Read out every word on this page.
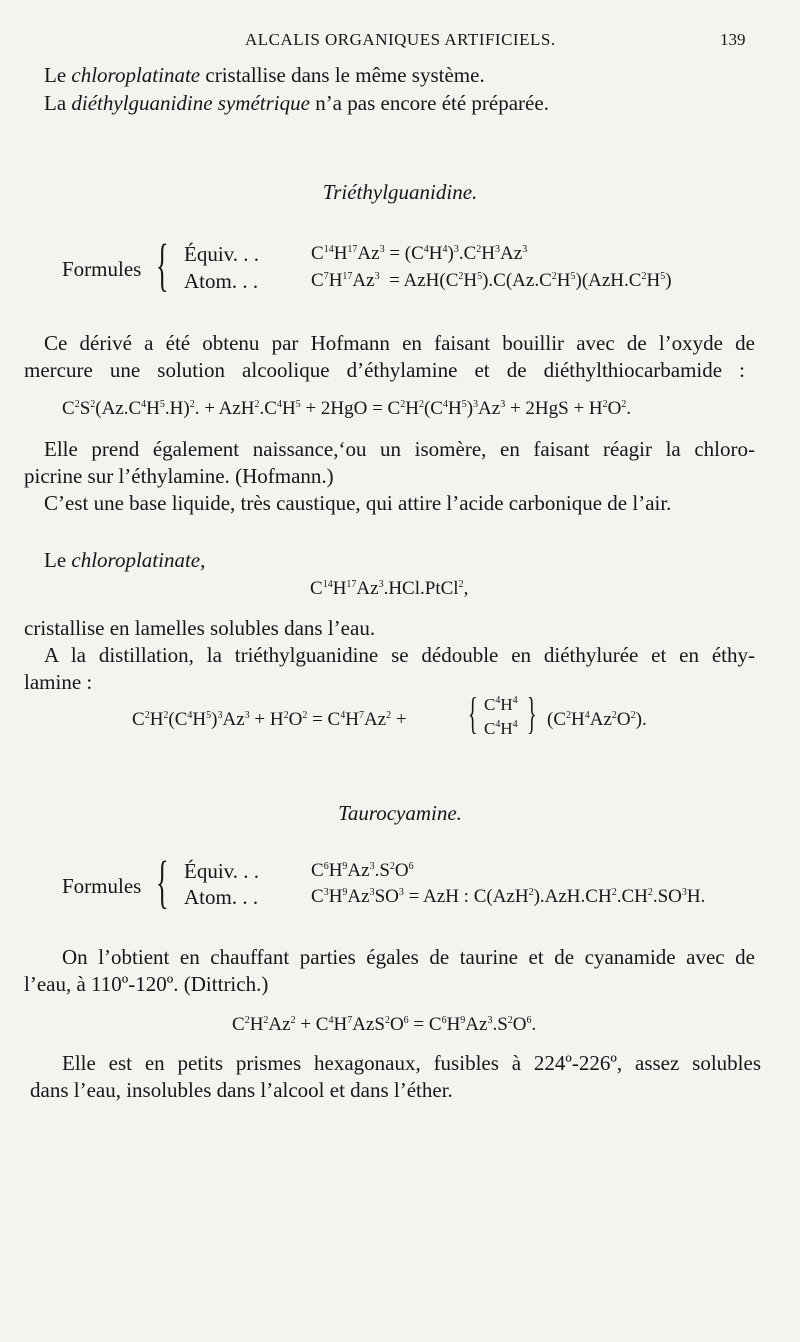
ALCALIS ORGANIQUES ARTIFICIELS.	139
Le chloroplatinate cristallise dans le même système.
La diéthylguanidine symétrique n’a pas encore été préparée.
Triéthylguanidine.
Formules { Équiv. . .
Atom. . .
$C^{14}H^{17}Az^3 = (C^4H^4)^3.C^2H^3Az^3$
$C^7H^{17}Az^3 = AzH(C^2H^5).C(Az.C^2H^5)(AzH.C^2H^5)$
Ce dérivé a été obtenu par Hofmann en faisant bouillir avec de l’oxyde de
mercure une solution alcoolique d’éthylamine et de diéthylthiocarbamide :
$C^2S^2(Az.C^4H^5.H)^2$. + $AzH^2.C^4H^5 + 2HgO = C^2H^2(C^4H^5)^3Az^3 + 2HgS + H^2O^2$.
Elle prend également naissance,ʻou un isomère, en faisant réagir la chloro-
picrine sur l’éthylamine. (Hofmann.)
C’est une base liquide, très caustique, qui attire l’acide carbonique de l’air.
Le chloroplatinate,
$C^{14}H^{17}Az^3.HCl.PtCl^2$,
cristallise en lamelles solubles dans l’eau.
A la distillation, la triéthylguanidine se dédouble en diéthylurée et en éthy-
lamine :
$C^2H^2(C^4H^5)^3Az^3 + H^2O^2 = C^4H^7Az^2$ + { $C^4H^4$
$C^4H^4$ } $(C^2H^4Az^2O^2)$.
Taurocyamine.
Formules { Équiv. . .
Atom. . .
$C^6H^9Az^3.S^2O^6$
$C^3H^9Az^3SO^3$ = AzH : $C(AzH^2).AzH.CH^2.CH^2.SO^3H$.
On l’obtient en chauffant parties égales de taurine et de cyanamide avec de
l’eau, à 110º-120º. (Dittrich.)
$C^2H^2Az^2 + C^4H^7AzS^2O^6 = C^6H^9Az^3.S^2O^6$.
Elle est en petits prismes hexagonaux, fusibles à 224º-226º, assez solubles
dans l’eau, insolubles dans l’alcool et dans l’éther.
